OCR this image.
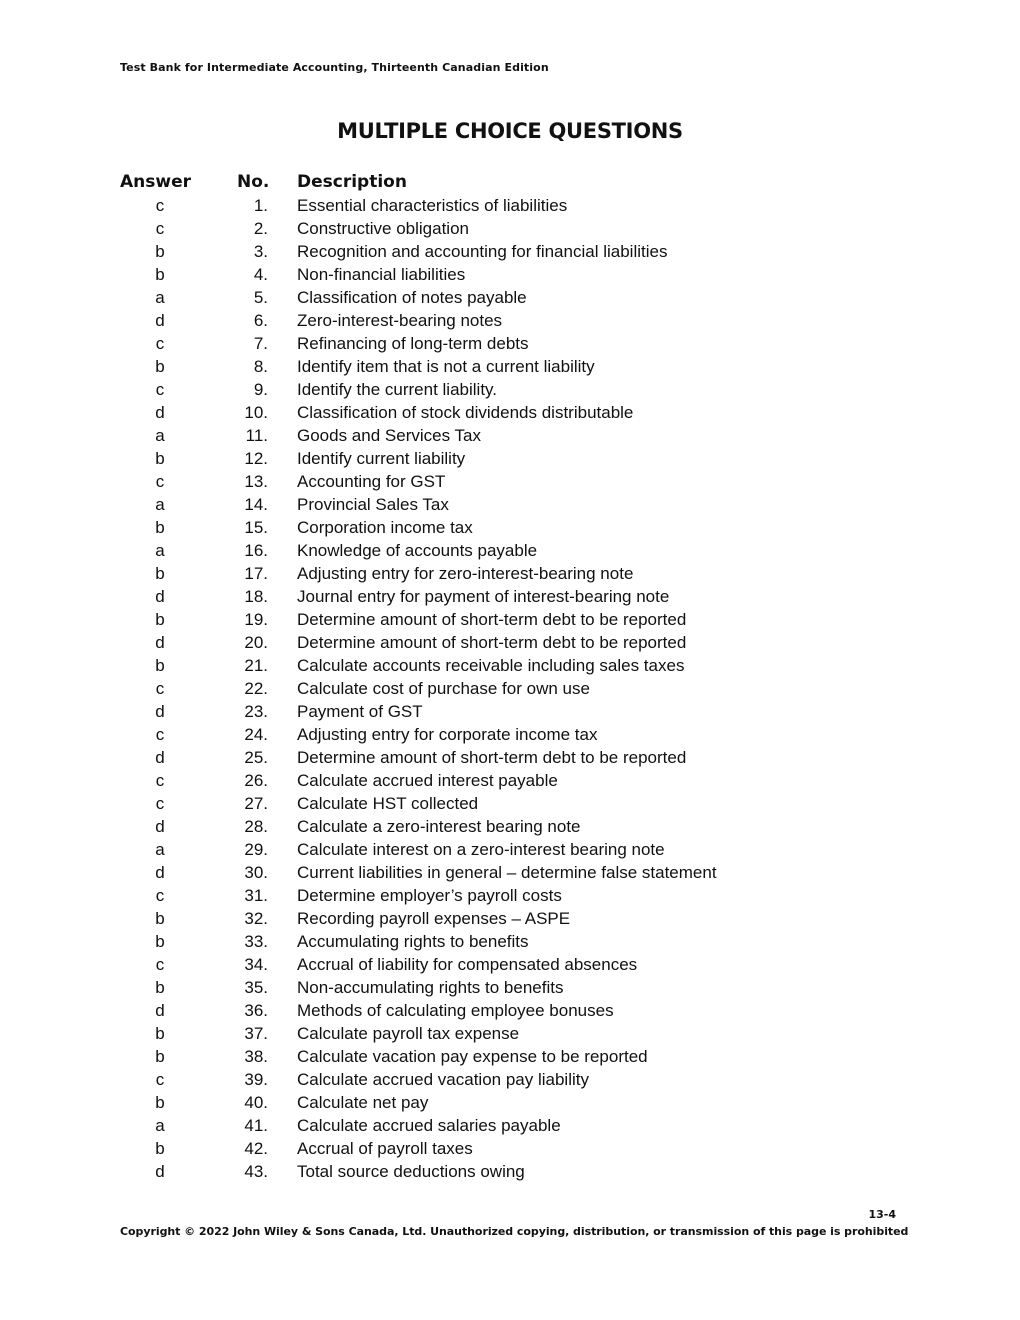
Test Bank for Intermediate Accounting, Thirteenth Canadian Edition
MULTIPLE CHOICE QUESTIONS
Answer	No. Description
c	1. Essential characteristics of liabilities
c	2. Constructive obligation
b	3. Recognition and accounting for financial liabilities
b	4. Non-financial liabilities
a	5. Classification of notes payable
d	6. Zero-interest-bearing notes
c	7. Refinancing of long-term debts
b	8. Identify item that is not a current liability
c	9. Identify the current liability.
d	10. Classification of stock dividends distributable
a	11. Goods and Services Tax
b	12. Identify current liability
c	13. Accounting for GST
a	14. Provincial Sales Tax
b	15. Corporation income tax
a	16. Knowledge of accounts payable
b	17. Adjusting entry for zero-interest-bearing note
d	18. Journal entry for payment of interest-bearing note
b	19. Determine amount of short-term debt to be reported
d	20. Determine amount of short-term debt to be reported
b	21. Calculate accounts receivable including sales taxes
c	22. Calculate cost of purchase for own use
d	23. Payment of GST
c	24. Adjusting entry for corporate income tax
d	25. Determine amount of short-term debt to be reported
c	26. Calculate accrued interest payable
c	27. Calculate HST collected
d	28. Calculate a zero-interest bearing note
a	29. Calculate interest on a zero-interest bearing note
d	30. Current liabilities in general – determine false statement
c	31. Determine employer’s payroll costs
b	32. Recording payroll expenses – ASPE
b	33. Accumulating rights to benefits
c	34. Accrual of liability for compensated absences
b	35. Non-accumulating rights to benefits
d	36. Methods of calculating employee bonuses
b	37. Calculate payroll tax expense
b	38. Calculate vacation pay expense to be reported
c	39. Calculate accrued vacation pay liability
b	40. Calculate net pay
a	41. Calculate accrued salaries payable
b	42. Accrual of payroll taxes
d	43. Total source deductions owing
13-4
Copyright © 2022 John Wiley & Sons Canada, Ltd. Unauthorized copying, distribution, or transmission of this page is prohibited
